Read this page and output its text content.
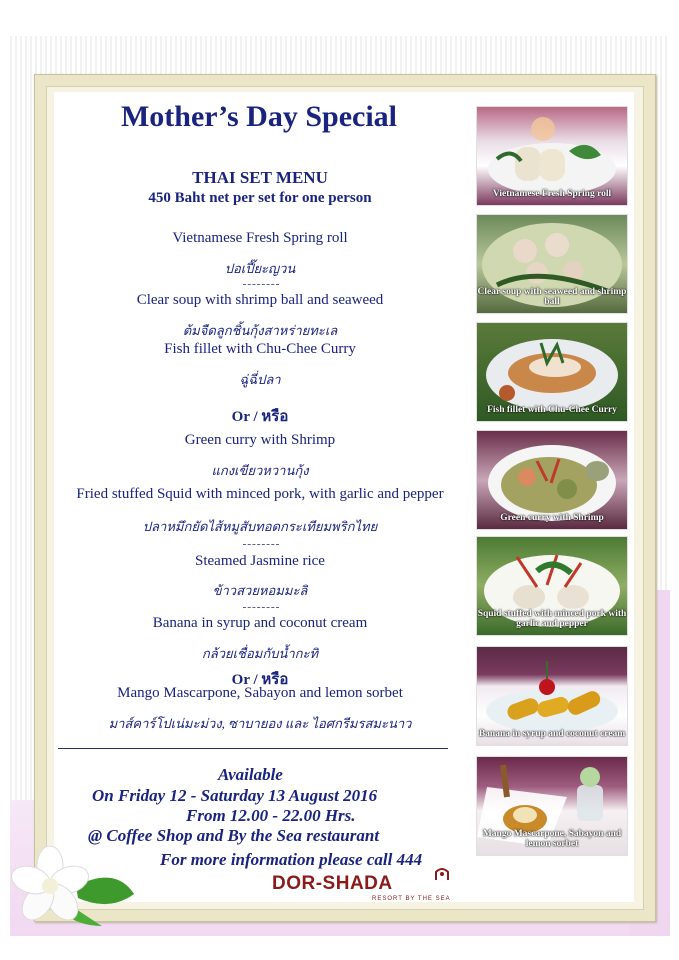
Mother’s Day Special
THAI SET MENU
450 Baht net per set for one person
Vietnamese Fresh Spring roll
ปอเปี๊ยะญวน
Clear soup with shrimp ball and seaweed
ต้มจืดลูกชิ้นกุ้งสาหร่ายทะเล
Fish fillet with Chu-Chee Curry
ฉู่ฉี่ปลา
Or / หรือ
Green curry with Shrimp
แกงเขียวหวานกุ้ง
Fried stuffed Squid with minced pork, with garlic and pepper
ปลาหมึกยัดไส้หมูสับทอดกระเทียมพริกไทย
Steamed Jasmine rice
ข้าวสวยหอมมะลิ
Banana in syrup and coconut cream
กล้วยเชื่อมกับน้ำกะทิ
Or / หรือ
Mango Mascarpone, Sabayon and lemon sorbet
มาส์คาร์โปเน่มะม่วง, ซาบายอง และ ไอศกรีมรสมะนาว
Available
On Friday 12 - Saturday 13 August 2016
From 12.00 - 22.00 Hrs.
@ Coffee Shop and By the Sea restaurant
For more information please call 444
Vietnamese Fresh Spring roll
Clear soup with seaweed and shrimp ball
Fish fillet with Chu-Chee Curry
Green curry with Shrimp
Squid stuffed with minced pork with garlic and pepper
Banana in syrup and coconut cream
Mango Mascarpone, Sabayon and lemon sorbet
DOR-SHADA
RESORT BY THE SEA
